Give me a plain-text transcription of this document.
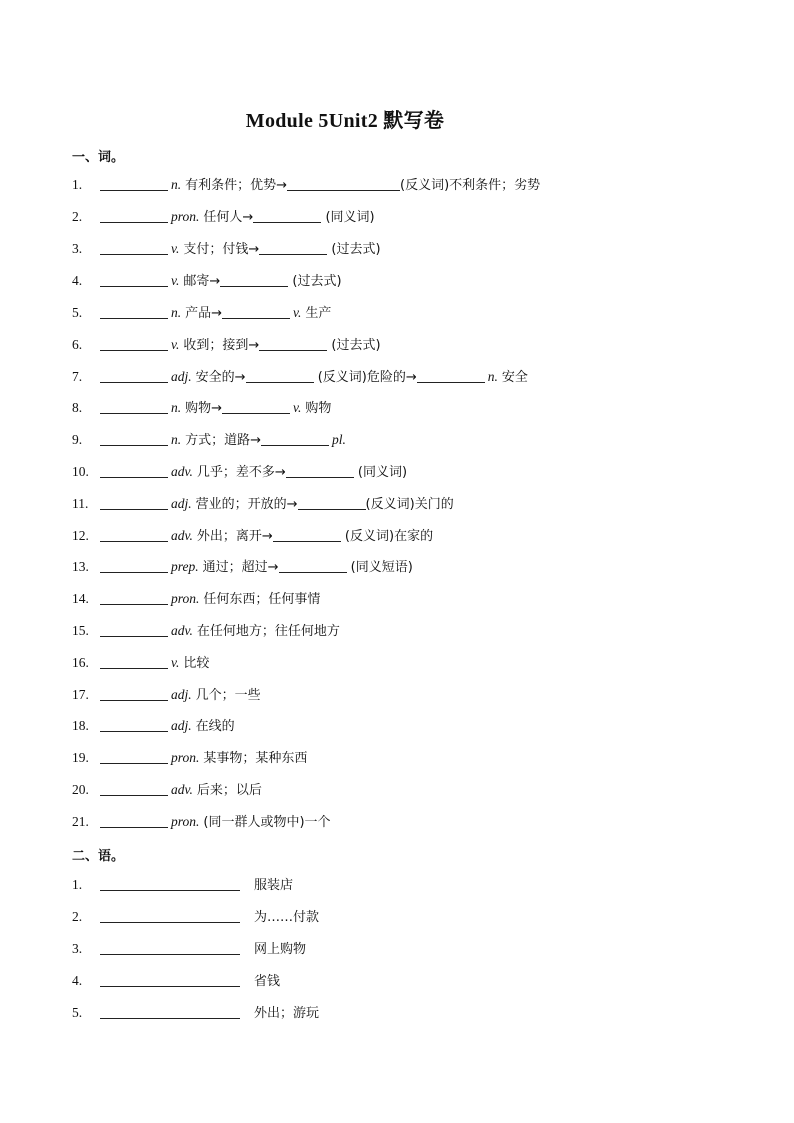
Module 5Unit2 默写卷
一、词。
1.	n. 有利条件；优势→	(反义词)不利条件；劣势
2.	pron. 任何人→	(同义词)
3.	v. 支付；付钱→	(过去式)
4.	v. 邮寄→	(过去式)
5.	n. 产品→	v. 生产
6.	v. 收到；接到→	(过去式)
7.	adj. 安全的→	(反义词)危险的→	n. 安全
8.	n. 购物→	v. 购物
9.	n. 方式；道路→	pl.
10.	adv. 几乎；差不多→	(同义词)
11.	adj. 营业的；开放的→	(反义词)关门的
12.	adv. 外出；离开→	(反义词)在家的
13.	prep. 通过；超过→	(同义短语)
14.	pron. 任何东西；任何事情
15.	adv. 在任何地方；往任何地方
16.	v. 比较
17.	adj. 几个；一些
18.	adj. 在线的
19.	pron. 某事物；某种东西
20.	adv. 后来；以后
21.	pron. (同一群人或物中)一个
二、语。
1.	服装店
2.	为……付款
3.	网上购物
4.	省钱
5.	外出；游玩
